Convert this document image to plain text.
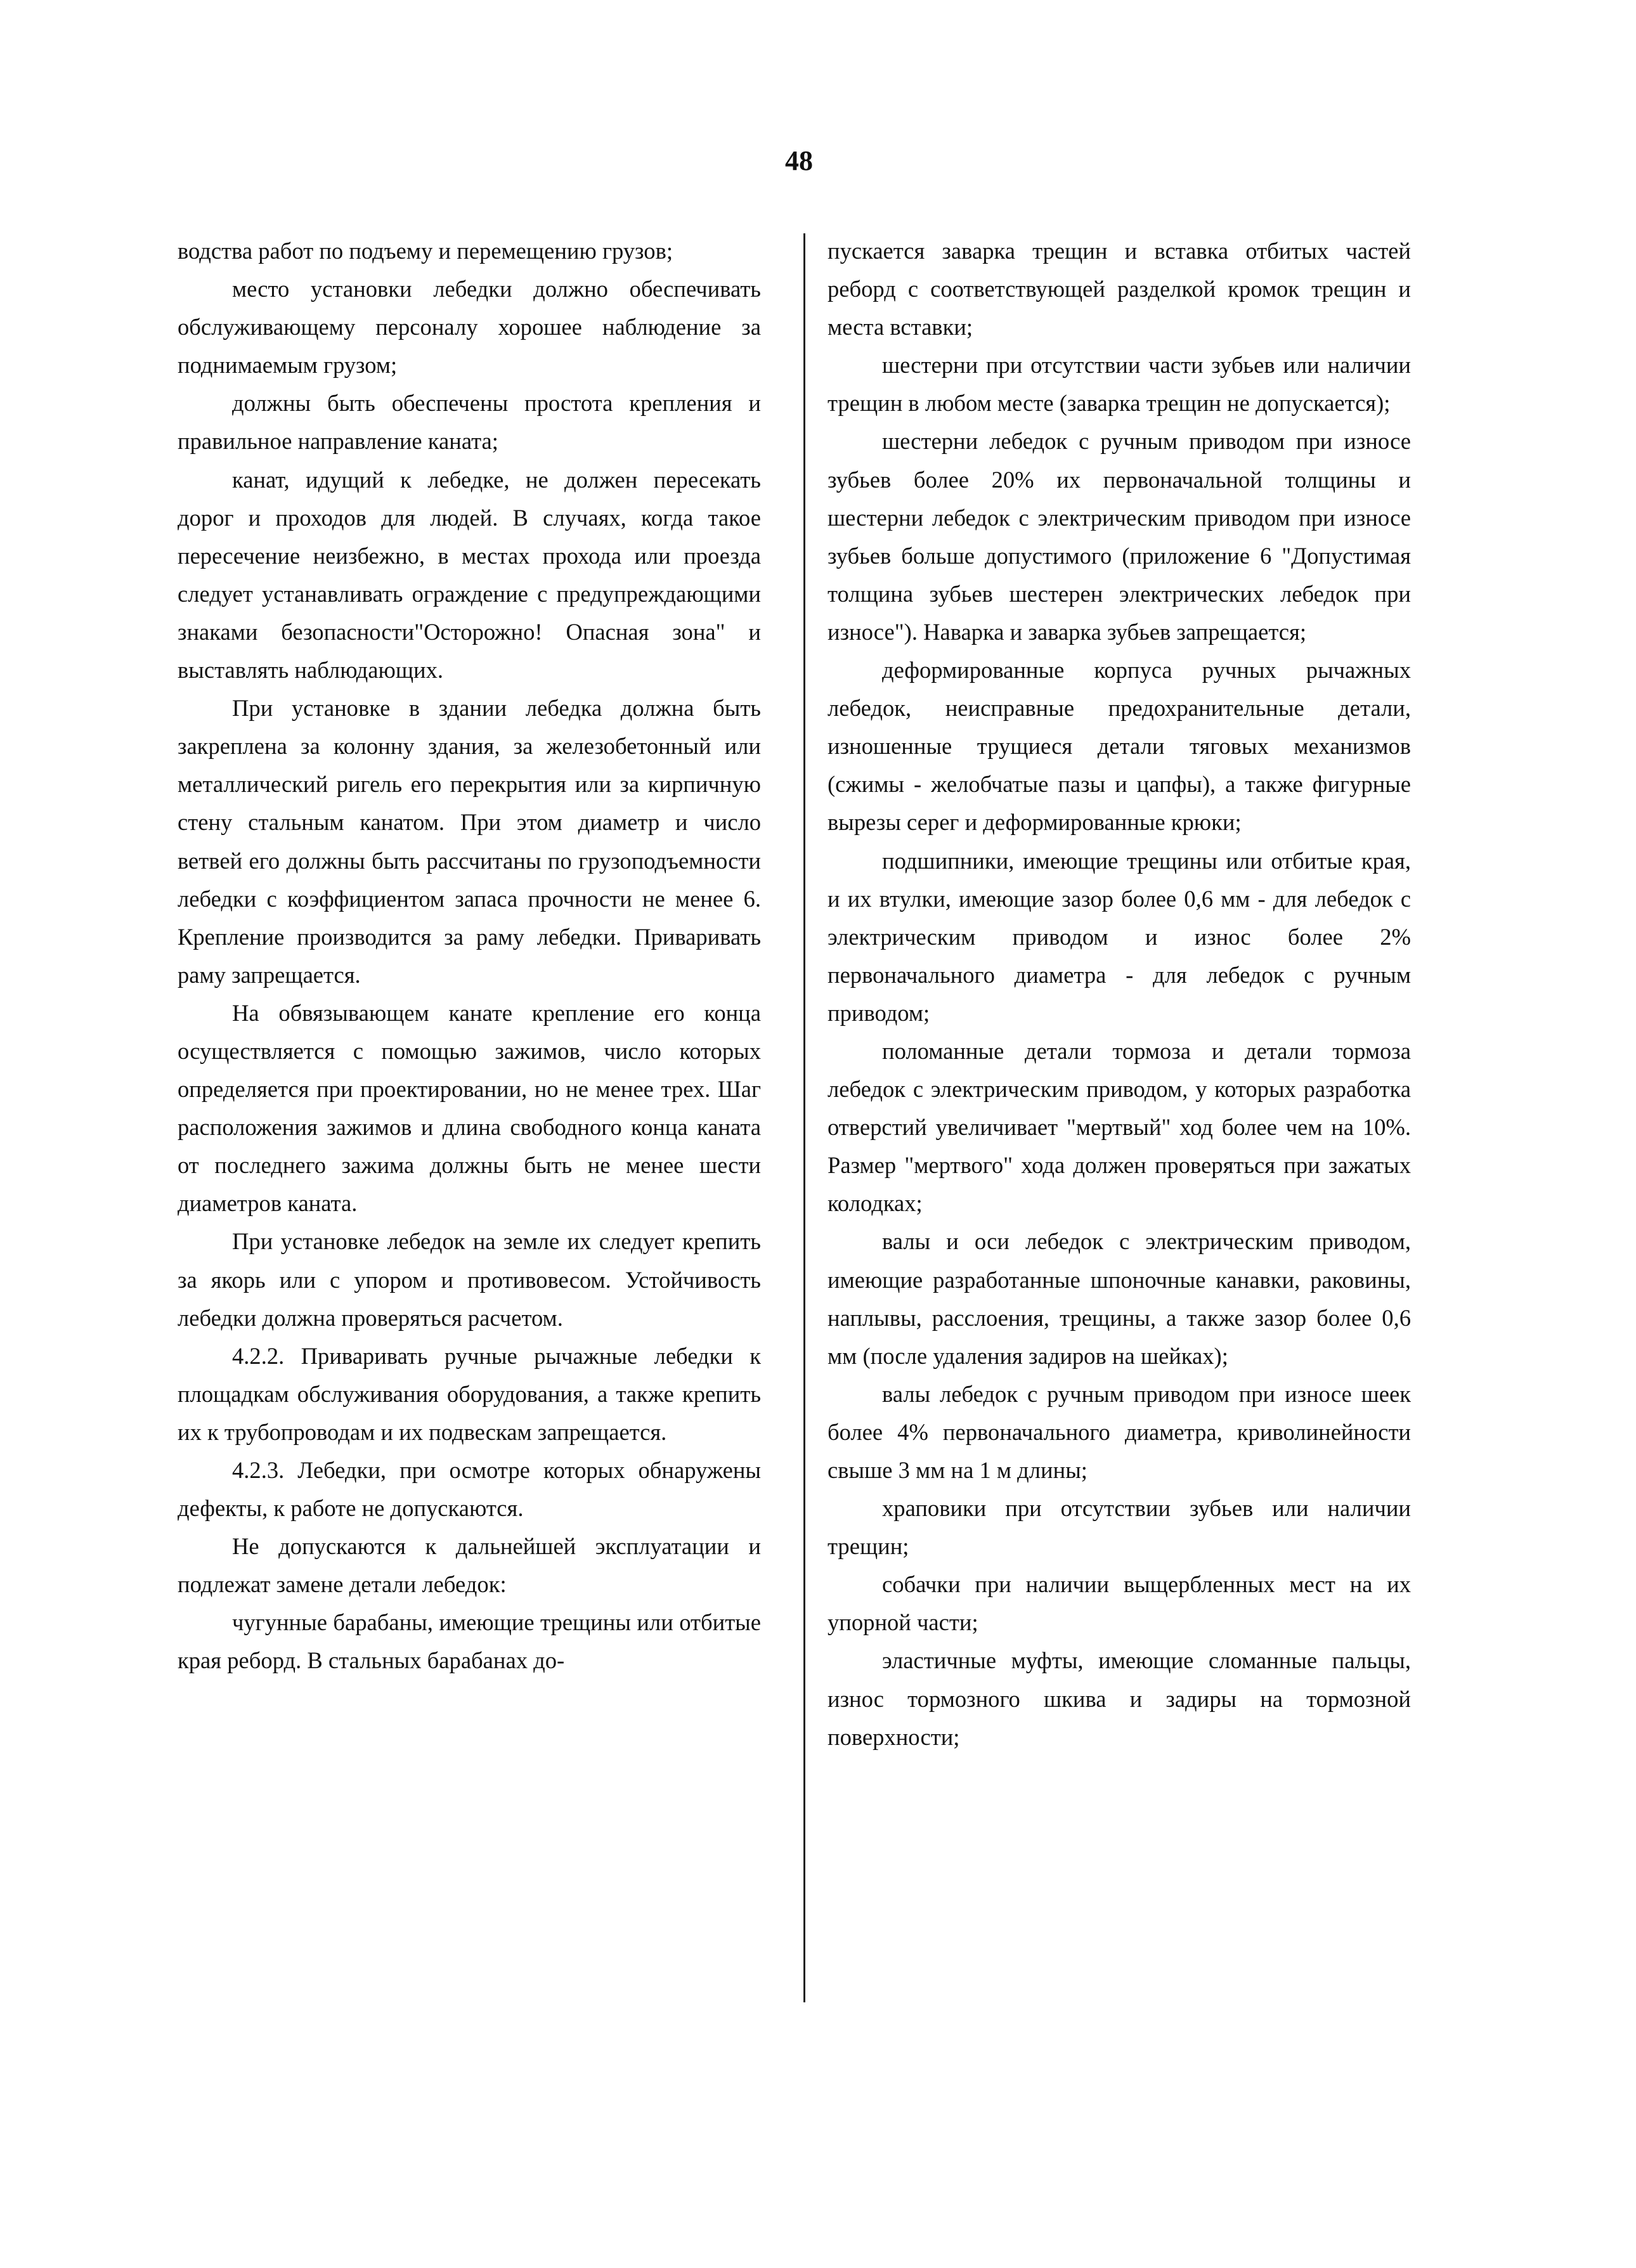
48

водства работ по подъему и перемещению грузов;

место установки лебедки должно обеспечивать обслуживающему персоналу хорошее наблюдение за поднимаемым грузом;

должны быть обеспечены простота крепления и правильное направление каната;

канат, идущий к лебедке, не должен пересекать дорог и проходов для людей. В случаях, когда такое пересечение неизбежно, в местах прохода или проезда следует устанавливать ограждение с предупреждающими знаками безопасности"Осторожно! Опасная зона" и выставлять наблюдающих.

При установке в здании лебедка должна быть закреплена за колонну здания, за железобетонный или металлический ригель его перекрытия или за кирпичную стену стальным канатом. При этом диаметр и число ветвей его должны быть рассчитаны по грузоподъемности лебедки с коэффициентом запаса прочности не менее 6. Крепление производится за раму лебедки. Приваривать раму запрещается.

На обвязывающем канате крепление его конца осуществляется с помощью зажимов, число которых определяется при проектировании, но не менее трех. Шаг расположения зажимов и длина свободного конца каната от последнего зажима должны быть не менее шести диаметров каната.

При установке лебедок на земле их следует крепить за якорь или с упором и противовесом. Устойчивость лебедки должна проверяться расчетом.

4.2.2. Приваривать ручные рычажные лебедки к площадкам обслуживания оборудования, а также крепить их к трубопроводам и их подвескам запрещается.

4.2.3. Лебедки, при осмотре которых обнаружены дефекты, к работе не допускаются.

Не допускаются к дальнейшей эксплуатации и подлежат замене детали лебедок:

чугунные барабаны, имеющие трещины или отбитые края реборд. В стальных барабанах до-

пускается заварка трещин и вставка отбитых частей реборд с соответствующей разделкой кромок трещин и места вставки;

шестерни при отсутствии части зубьев или наличии трещин в любом месте (заварка трещин не допускается);

шестерни лебедок с ручным приводом при износе зубьев более 20% их первоначальной толщины и шестерни лебедок с электрическим приводом при износе зубьев больше допустимого (приложение 6 "Допустимая толщина зубьев шестерен электрических лебедок при износе"). Наварка и заварка зубьев запрещается;

деформированные корпуса ручных рычажных лебедок, неисправные предохранительные детали, изношенные трущиеся детали тяговых механизмов (сжимы - желобчатые пазы и цапфы), а также фигурные вырезы серег и деформированные крюки;

подшипники, имеющие трещины или отбитые края, и их втулки, имеющие зазор более 0,6 мм - для лебедок с электрическим приводом и износ более 2% первоначального диаметра - для лебедок с ручным приводом;

поломанные детали тормоза и детали тормоза лебедок с электрическим приводом, у которых разработка отверстий увеличивает "мертвый" ход более чем на 10%. Размер "мертвого" хода должен проверяться при зажатых колодках;

валы и оси лебедок с электрическим приводом, имеющие разработанные шпоночные канавки, раковины, наплывы, расслоения, трещины, а также зазор более 0,6 мм (после удаления задиров на шейках);

валы лебедок с ручным приводом при износе шеек более 4% первоначального диаметра, криволинейности свыше 3 мм на 1 м длины;

храповики при отсутствии зубьев или наличии трещин;

собачки при наличии выщербленных мест на их упорной части;

эластичные муфты, имеющие сломанные пальцы, износ тормозного шкива и задиры на тормозной поверхности;
